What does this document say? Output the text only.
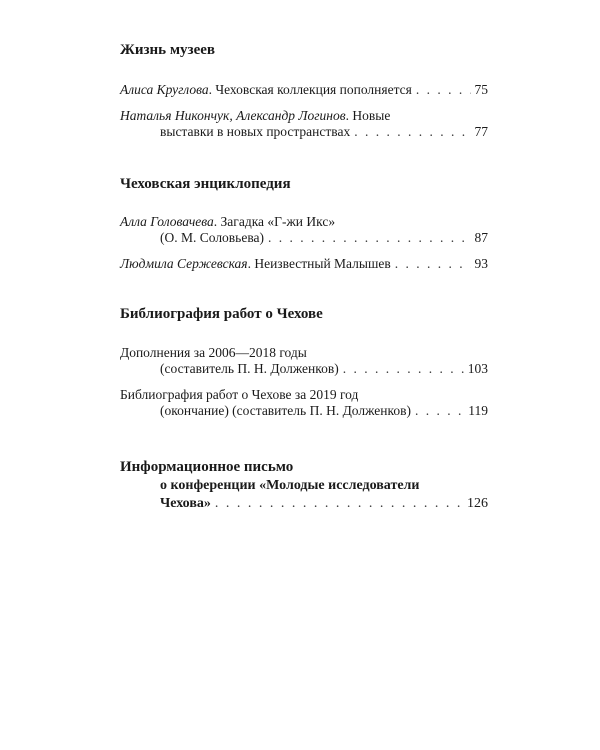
Жизнь музеев
Алиса Круглова . Чеховская коллекция пополняется . . .	75
Наталья Никончук, Александр Логинов . Новые
выставки в новых пространствах . . .	77
Чеховская энциклопедия
Алла Головачева . Загадка «Г-жи Икс»
(О. М. Соловьева) . . .	87
Людмила Сержевская . Неизвестный Малышев . . .	93
Библиография работ о Чехове
Дополнения за 2006—2018 годы
(составитель П. Н. Долженков) . . .	103
Библиография работ о Чехове за 2019 год
(окончание) (составитель П. Н. Долженков) . . .	119
Информационное письмо
о конференции «Молодые исследователи
Чехова» . . .	126
